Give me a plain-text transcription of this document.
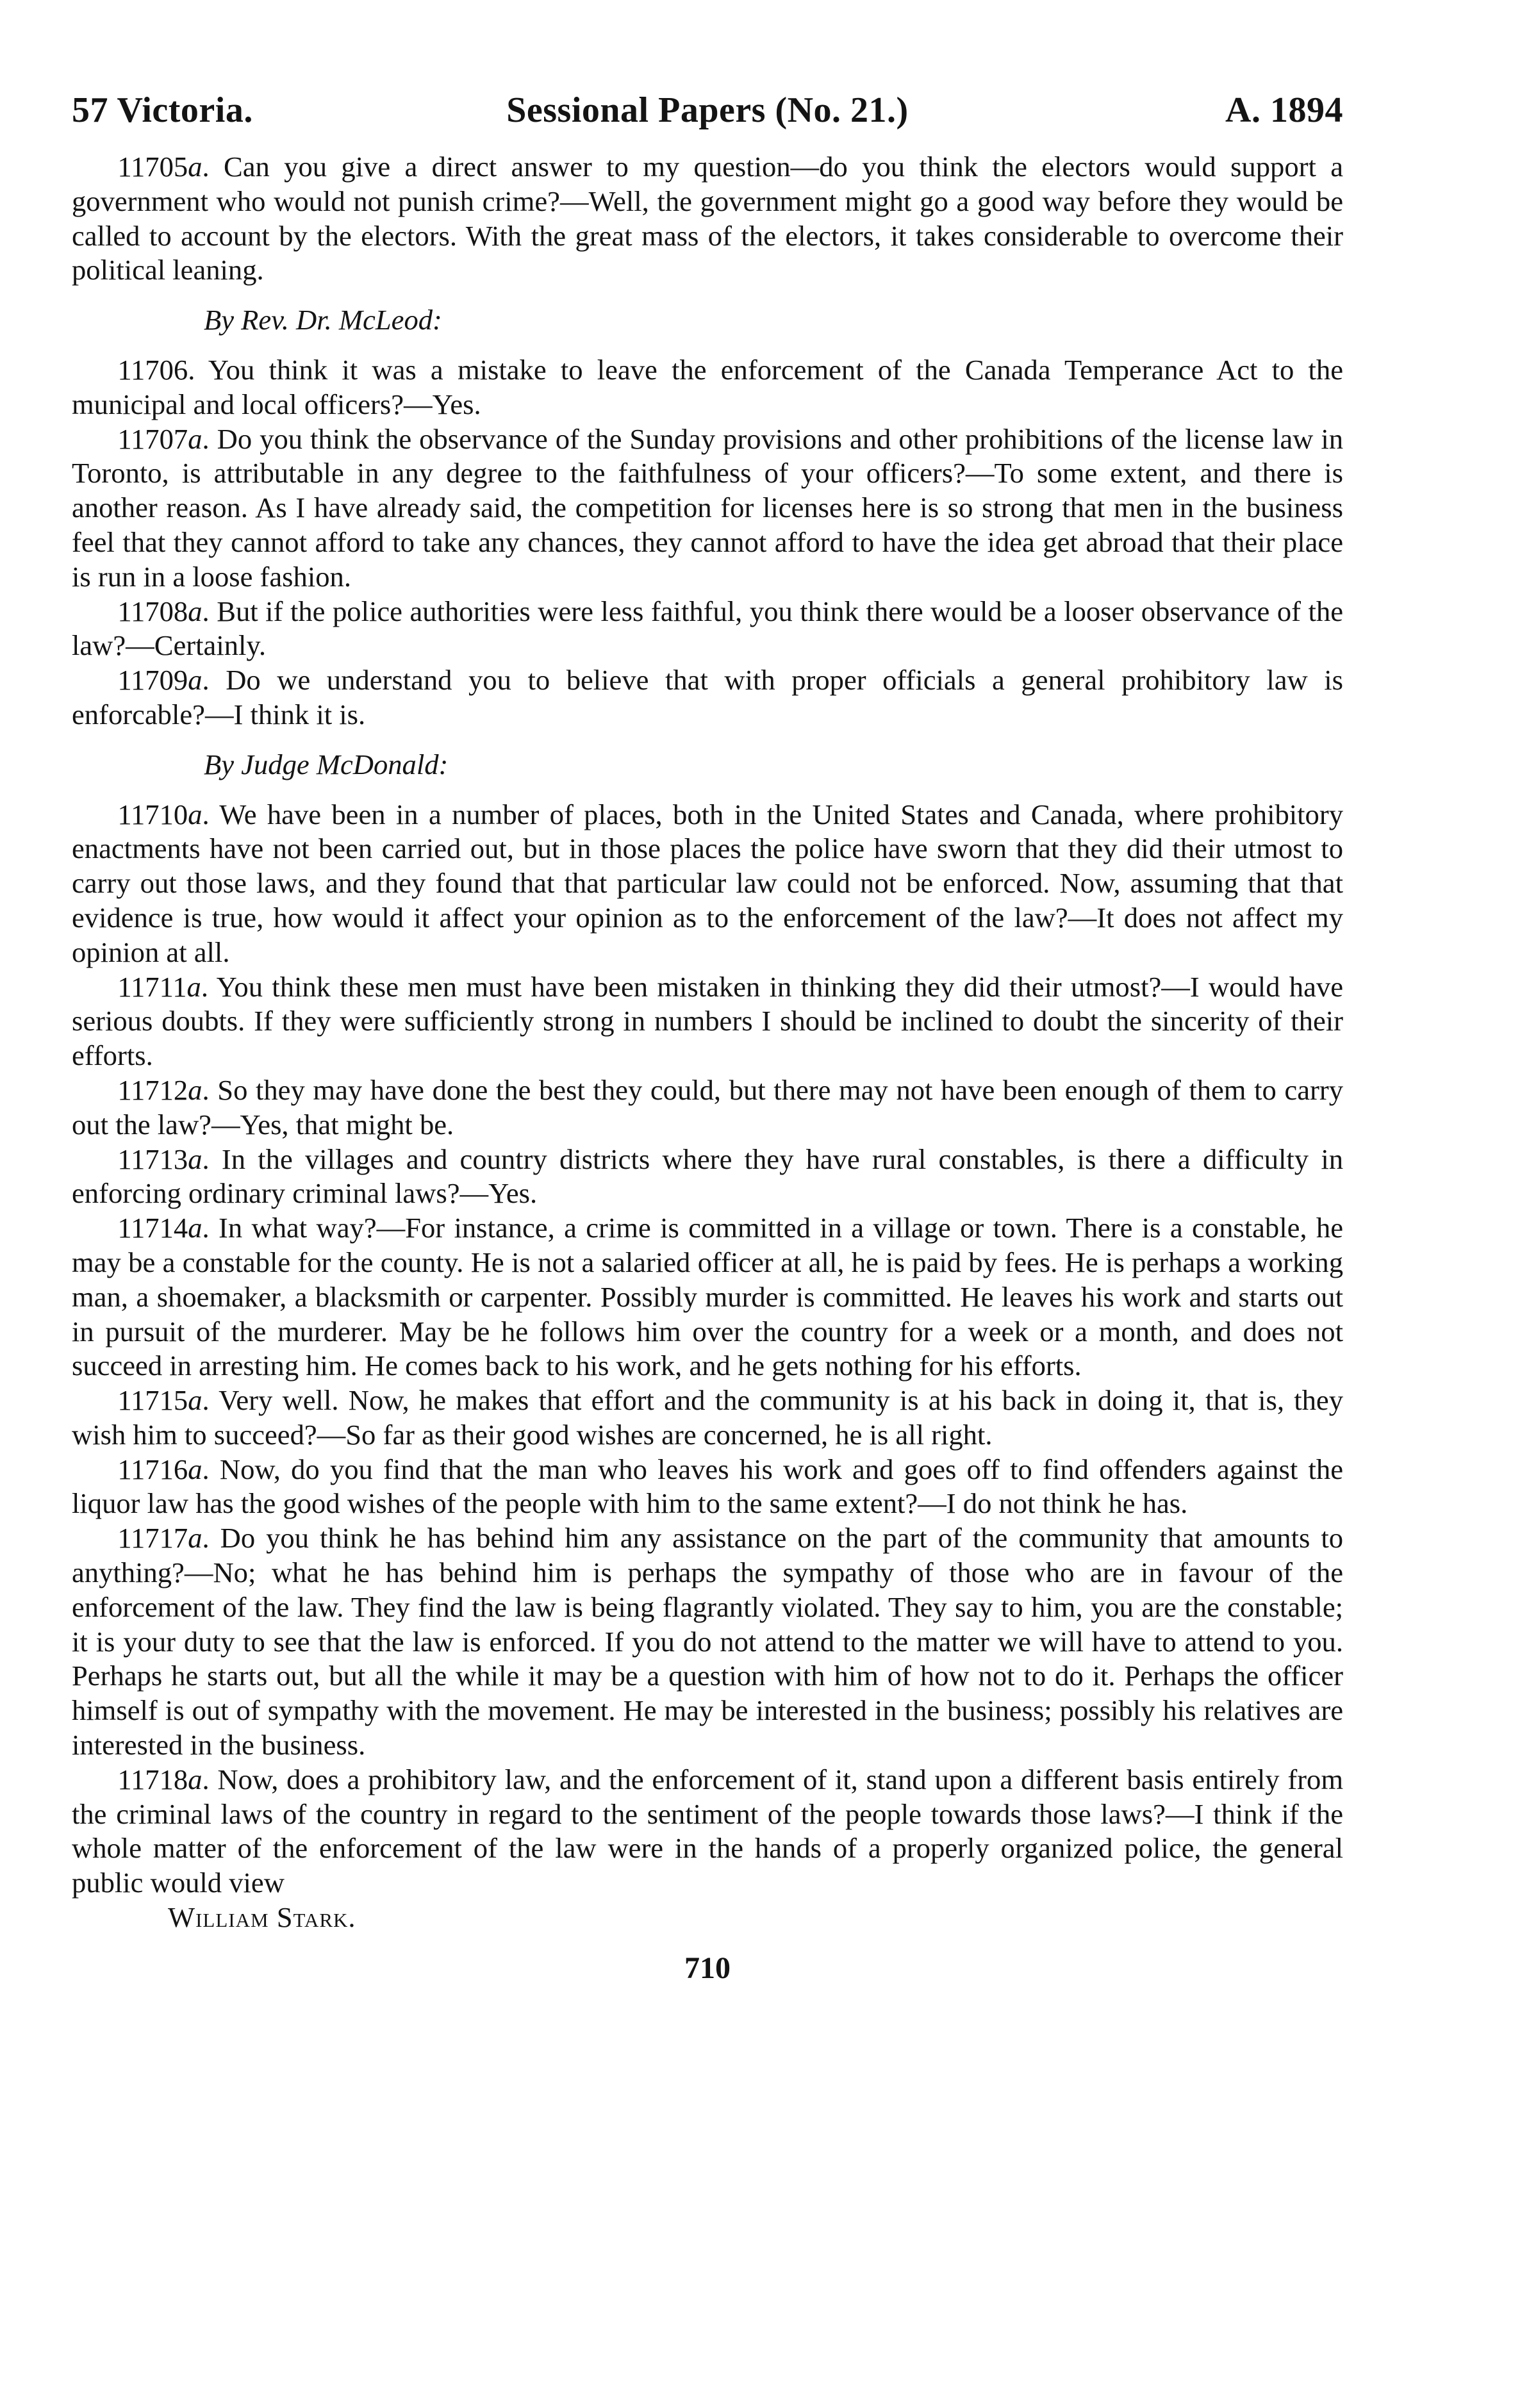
57 Victoria.	Sessional Papers (No. 21.)	A. 1894

11705a. Can you give a direct answer to my question—do you think the electors would support a government who would not punish crime?—Well, the government might go a good way before they would be called to account by the electors. With the great mass of the electors, it takes considerable to overcome their political leaning.

By Rev. Dr. McLeod:

11706. You think it was a mistake to leave the enforcement of the Canada Temperance Act to the municipal and local officers?—Yes.

11707a. Do you think the observance of the Sunday provisions and other prohibitions of the license law in Toronto, is attributable in any degree to the faithfulness of your officers?—To some extent, and there is another reason. As I have already said, the competition for licenses here is so strong that men in the business feel that they cannot afford to take any chances, they cannot afford to have the idea get abroad that their place is run in a loose fashion.

11708a. But if the police authorities were less faithful, you think there would be a looser observance of the law?—Certainly.

11709a. Do we understand you to believe that with proper officials a general prohibitory law is enforcable?—I think it is.

By Judge McDonald:

11710a. We have been in a number of places, both in the United States and Canada, where prohibitory enactments have not been carried out, but in those places the police have sworn that they did their utmost to carry out those laws, and they found that that particular law could not be enforced. Now, assuming that that evidence is true, how would it affect your opinion as to the enforcement of the law?—It does not affect my opinion at all.

11711a. You think these men must have been mistaken in thinking they did their utmost?—I would have serious doubts. If they were sufficiently strong in numbers I should be inclined to doubt the sincerity of their efforts.

11712a. So they may have done the best they could, but there may not have been enough of them to carry out the law?—Yes, that might be.

11713a. In the villages and country districts where they have rural constables, is there a difficulty in enforcing ordinary criminal laws?—Yes.

11714a. In what way?—For instance, a crime is committed in a village or town. There is a constable, he may be a constable for the county. He is not a salaried officer at all, he is paid by fees. He is perhaps a working man, a shoemaker, a blacksmith or carpenter. Possibly murder is committed. He leaves his work and starts out in pursuit of the murderer. May be he follows him over the country for a week or a month, and does not succeed in arresting him. He comes back to his work, and he gets nothing for his efforts.

11715a. Very well. Now, he makes that effort and the community is at his back in doing it, that is, they wish him to succeed?—So far as their good wishes are concerned, he is all right.

11716a. Now, do you find that the man who leaves his work and goes off to find offenders against the liquor law has the good wishes of the people with him to the same extent?—I do not think he has.

11717a. Do you think he has behind him any assistance on the part of the community that amounts to anything?—No; what he has behind him is perhaps the sympathy of those who are in favour of the enforcement of the law. They find the law is being flagrantly violated. They say to him, you are the constable; it is your duty to see that the law is enforced. If you do not attend to the matter we will have to attend to you. Perhaps he starts out, but all the while it may be a question with him of how not to do it. Perhaps the officer himself is out of sympathy with the movement. He may be interested in the business; possibly his relatives are interested in the business.

11718a. Now, does a prohibitory law, and the enforcement of it, stand upon a different basis entirely from the criminal laws of the country in regard to the sentiment of the people towards those laws?—I think if the whole matter of the enforcement of the law were in the hands of a properly organized police, the general public would view

William Stark.
710
